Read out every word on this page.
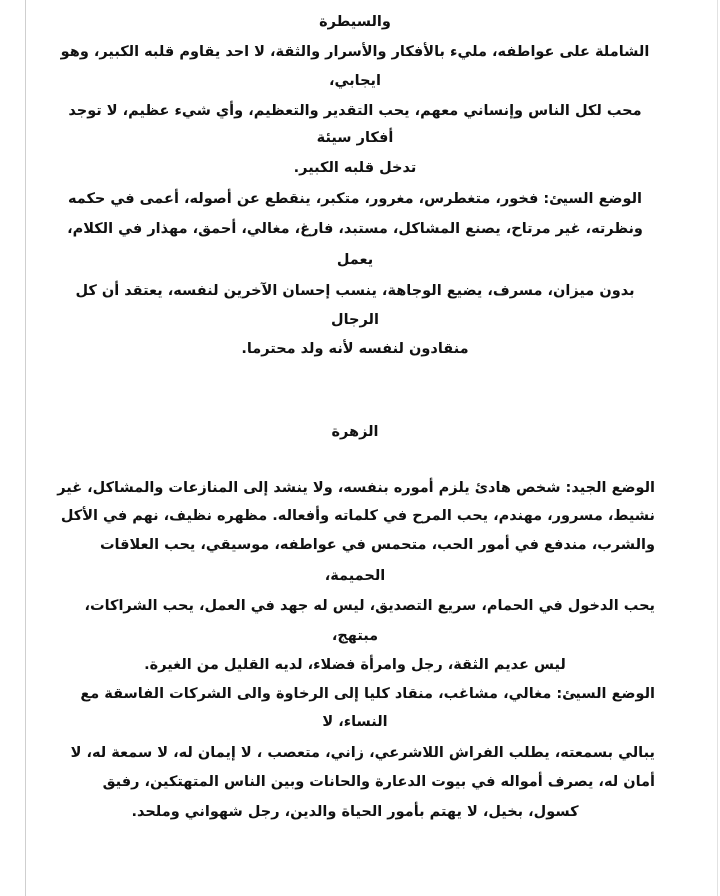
والسيطرة
الشاملة على عواطفه، مليء بالأفكار والأسرار والثقة، لا احد يقاوم قلبه الكبير، وهو
ايجابي،
محب لكل الناس وإنساني معهم، يحب التقدير والتعظيم، وأي شيء عظيم، لا توجد
أفكار سيئة
تدخل قلبه الكبير.
الوضع السيئ: فخور، متغطرس، مغرور، متكبر، ينقطع عن أصوله، أعمى في حكمه
ونظرته، غير مرتاح، يصنع المشاكل، مستبد، فارغ، مغالي، أحمق، مهذار في الكلام،
يعمل
بدون ميزان، مسرف، يضيع الوجاهة، ينسب إحسان الآخرين لنفسه، يعتقد أن كل
الرجال
منقادون لنفسه لأنه ولد محترما.
الزهرة
الوضع الجيد: شخص هادئ يلزم أموره بنفسه، ولا ينشد إلى المنازعات والمشاكل، غير
نشيط، مسرور، مهندم، يحب المرح في كلماته وأفعاله. مظهره نظيف، نهم في الأكل
والشرب، مندفع في أمور الحب، متحمس في عواطفه، موسيقي، يحب العلاقات
الحميمة،
يحب الدخول في الحمام، سريع التصديق، ليس له جهد في العمل، يحب الشراكات،
مبتهج،
ليس عديم الثقة، رجل وامرأة فضلاء، لديه القليل من الغيرة.
الوضع السيئ: مغالي، مشاغب، منقاد كليا إلى الرخاوة والى الشركات الفاسقة مع
النساء، لا
يبالي بسمعته، يطلب الفراش اللاشرعي، زاني، متعصب ، لا إيمان له، لا سمعة له، لا
أمان له، يصرف أمواله في بيوت الدعارة والحانات وبين الناس المتهتكين، رفيق
كسول، بخيل، لا يهتم بأمور الحياة والدين، رجل شهواني وملحد.
